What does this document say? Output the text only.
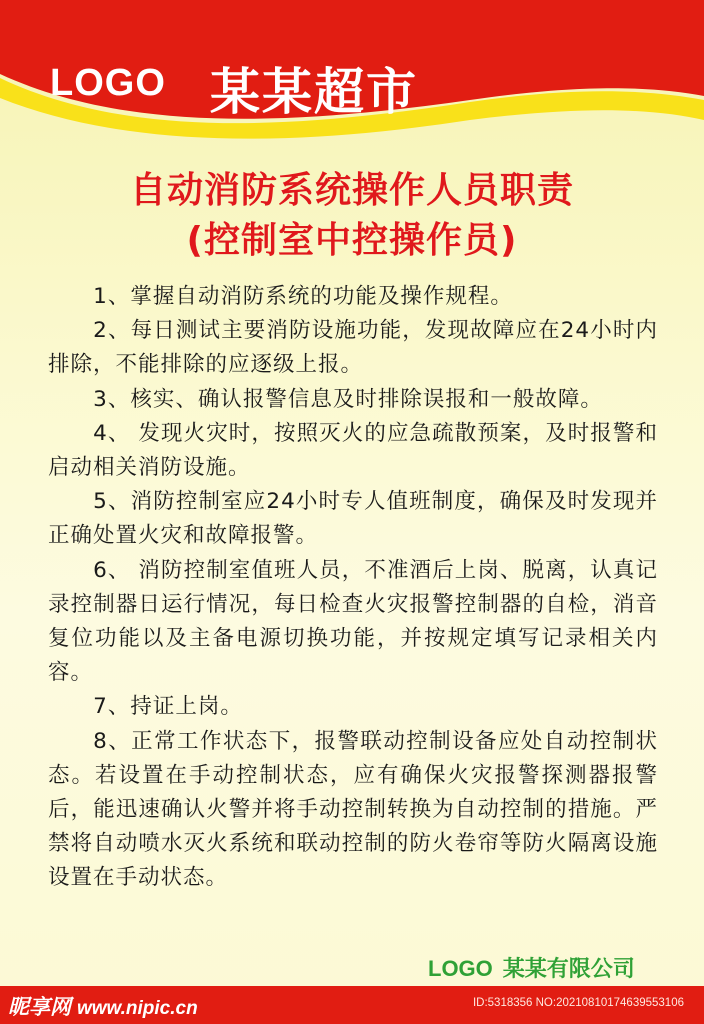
LOGO 某某超市
自动消防系统操作人员职责
(控制室中控操作员)

1、掌握自动消防系统的功能及操作规程。

2、每日测试主要消防设施功能，发现故障应在24小时内排除，不能排除的应逐级上报。

3、核实、确认报警信息及时排除误报和一般故障。

4、 发现火灾时，按照灭火的应急疏散预案，及时报警和启动相关消防设施。

5、消防控制室应24小时专人值班制度，确保及时发现并正确处置火灾和故障报警。

6、 消防控制室值班人员，不准酒后上岗、脱离，认真记录控制器日运行情况，每日检查火灾报警控制器的自检，消音复位功能以及主备电源切换功能，并按规定填写记录相关内容。

7、持证上岗。

8、正常工作状态下，报警联动控制设备应处自动控制状态。若设置在手动控制状态，应有确保火灾报警探测器报警后，能迅速确认火警并将手动控制转换为自动控制的措施。严禁将自动喷水灭火系统和联动控制的防火卷帘等防火隔离设施设置在手动状态。

LOGO 某某有限公司
昵享网 www.nipic.cn	ID:5318356 NO:20210810174639553106
